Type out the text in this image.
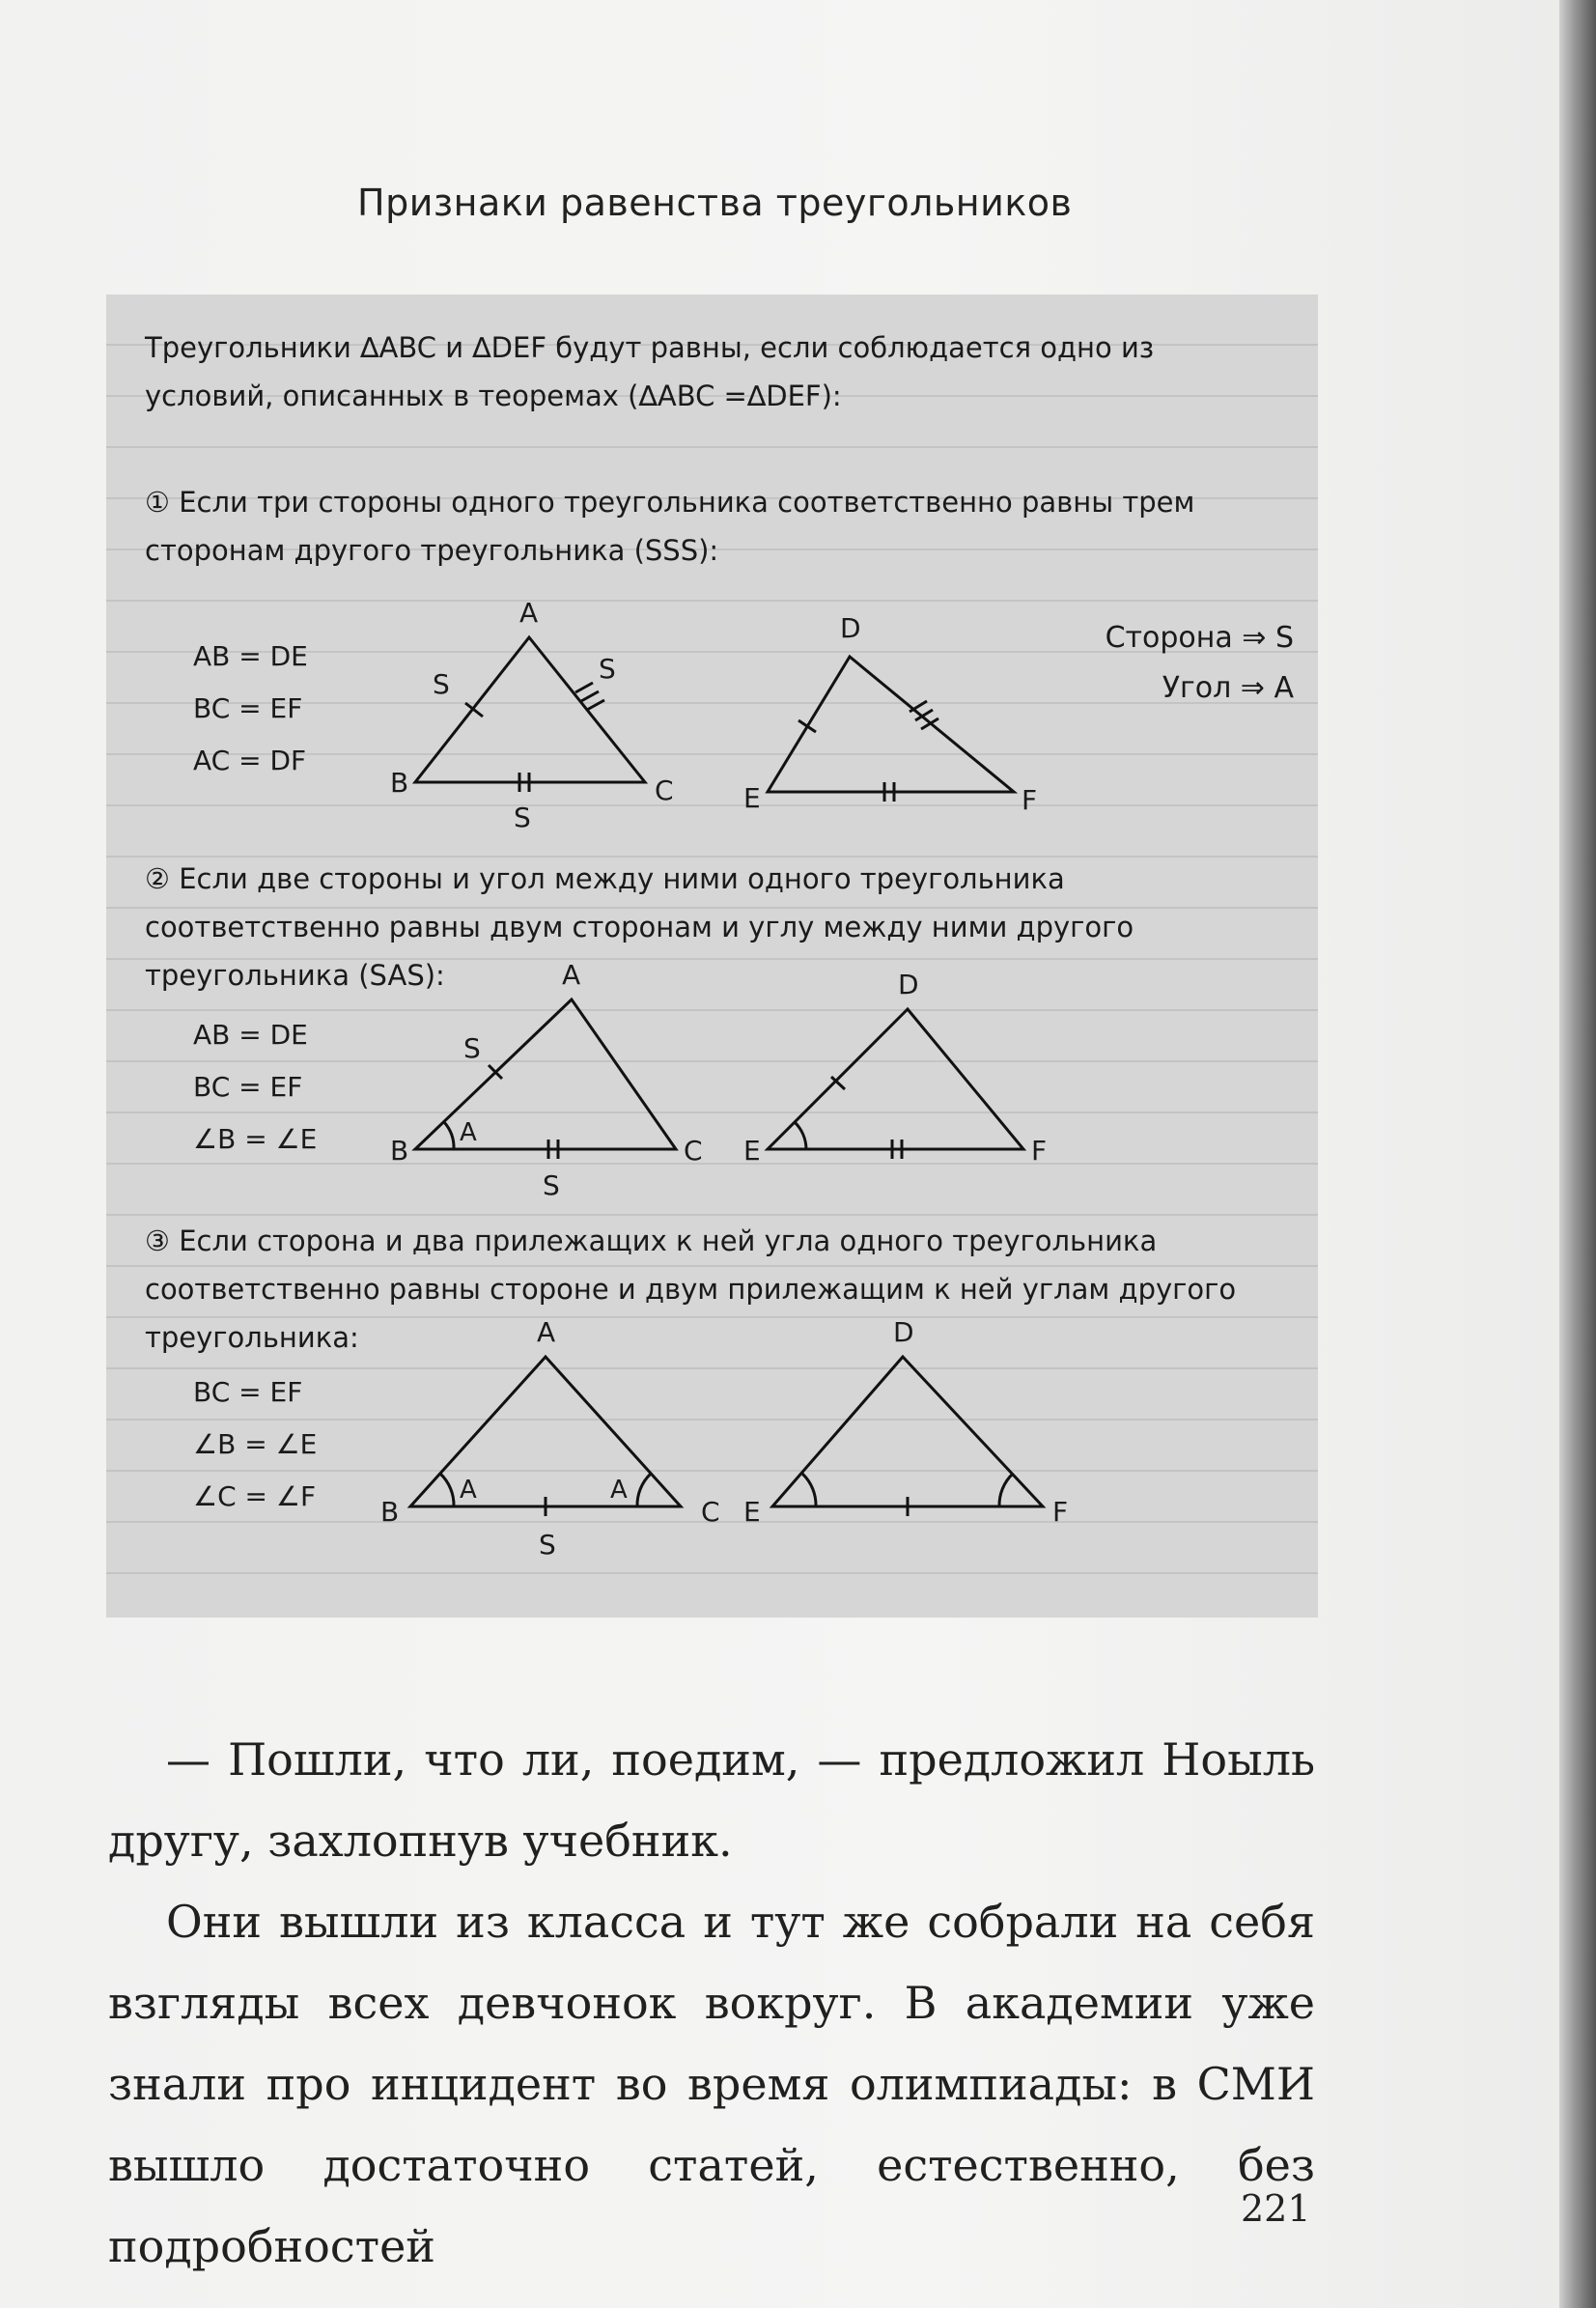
Признаки равенства треугольников
Треугольники ∆ABC и ∆DEF будут равны, если соблюдается одно из условий, описанных в теоремах (∆ABC =∆DEF):
① Если три стороны одного треугольника соответственно равны трем сторонам другого треугольника (SSS):
AB = DE
BC = EF
AC = DF
Сторона ⇒ S
Угол ⇒ A
A
B	C
S	S
S
D
E	F
② Если две стороны и угол между ними одного треугольника соответственно равны двум сторонам и углу между ними другого треугольника (SAS):
AB = DE
BC = EF
∠B = ∠E
A
B	C
S
S
A
D
E	F
③ Если сторона и два прилежащих к ней угла одного треугольника соответственно равны стороне и двум прилежащим к ней углам другого треугольника:
BC = EF
∠B = ∠E
∠C = ∠F
A
B	C
S
A	A
D
E	F
— Пошли, что ли, поедим, — предложил Ноыль другу, захлопнув учебник.
Они вышли из класса и тут же собрали на себя взгляды всех девчонок вокруг. В академии уже знали про инцидент во время олимпиады: в СМИ вышло достаточно статей, естественно, без подробностей
221
